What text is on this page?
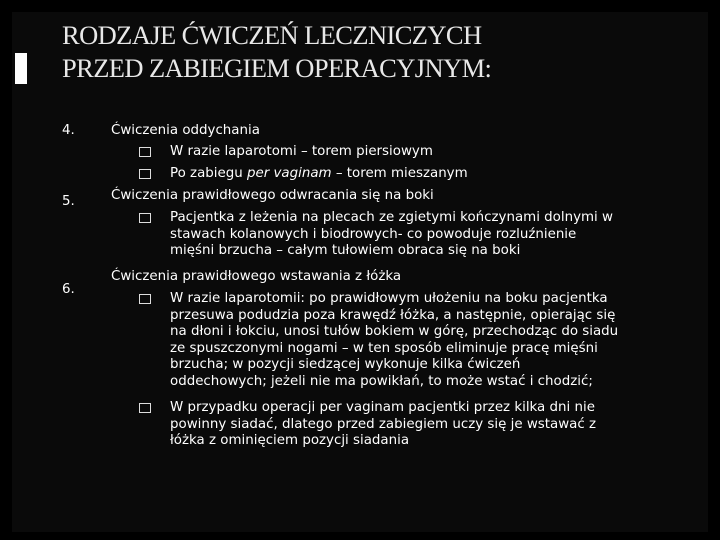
RODZAJE ĆWICZEŃ LECZNICZYCH
PRZED ZABIEGIEM OPERACYJNYM:
4.	Ćwiczenia oddychania
W razie laparotomi – torem piersiowym
Po zabiegu per vaginam – torem mieszanym
5.	Ćwiczenia prawidłowego odwracania się na boki
Pacjentka z leżenia na plecach ze zgietymi kończynami dolnymi w
stawach kolanowych i biodrowych- co powoduje rozluźnienie
mięśni brzucha – całym tułowiem obraca się na boki
6.
Ćwiczenia prawidłowego wstawania z łóżka
W razie laparotomii: po prawidłowym ułożeniu na boku pacjentka
przesuwa podudzia poza krawędź łóżka, a następnie, opierając się
na dłoni i łokciu, unosi tułów bokiem w górę, przechodząc do siadu
ze spuszczonymi nogami – w ten sposób eliminuje pracę mięśni
brzucha; w pozycji siedzącej wykonuje kilka ćwiczeń
oddechowych; jeżeli nie ma powikłań, to może wstać i chodzić;
W przypadku operacji per vaginam pacjentki przez kilka dni nie
powinny siadać, dlatego przed zabiegiem uczy się je wstawać z
łóżka z ominięciem pozycji siadania
